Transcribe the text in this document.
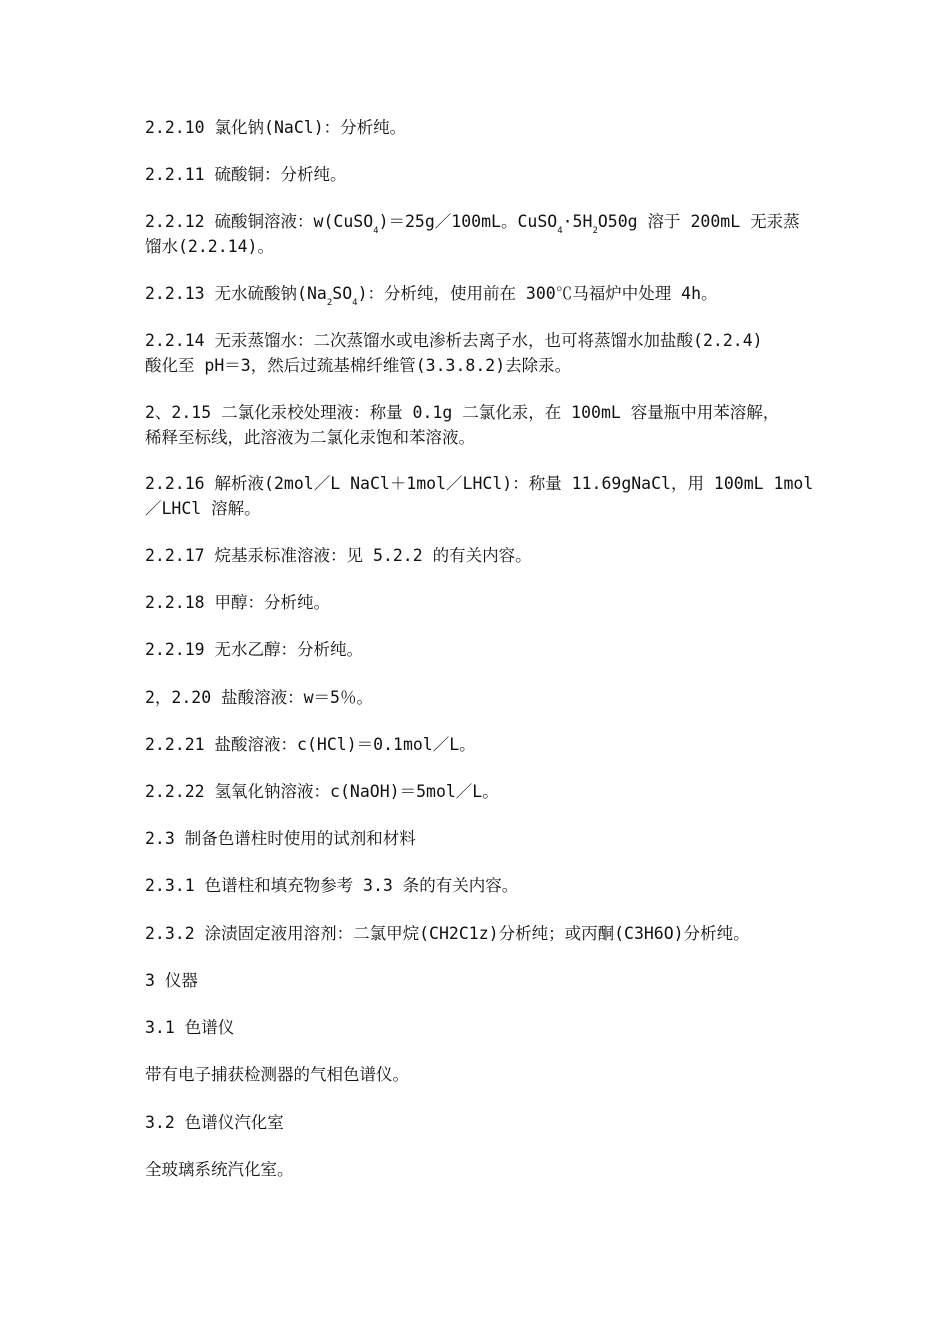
2.2.10 氯化钠(NaCl)：分析纯。
2.2.11 硫酸铜：分析纯。
2.2.12 硫酸铜溶液：w(CuSO$_4$)＝25g／100mL。$CuSO_4\cdot 5H_2O50g$ 溶于 200mL 无汞蒸
馏水(2.2.14)。
2.2.13 无水硫酸钠$(Na_2SO_4)$：分析纯，使用前在 300℃马福炉中处理 4h。
2.2.14 无汞蒸馏水：二次蒸馏水或电渗析去离子水，也可将蒸馏水加盐酸(2.2.4)
酸化至 pH＝3，然后过巯基棉纤维管(3.3.8.2)去除汞。
2、2.15 二氯化汞校处理液：称量 0.1g 二氯化汞，在 100mL 容量瓶中用苯溶解，
稀释至标线，此溶液为二氯化汞饱和苯溶液。
2.2.16 解析液(2mol／L NaCl＋1mol／LHCl)：称量 11.69gNaCl，用 100mL 1mol
／LHCl 溶解。
2.2.17 烷基汞标准溶液：见 5.2.2 的有关内容。
2.2.18 甲醇：分析纯。
2.2.19 无水乙醇：分析纯。
2，2.20 盐酸溶液：w＝5％。
2.2.21 盐酸溶液：c(HCl)＝0.1mol／L。
2.2.22 氢氧化钠溶液：c(NaOH)＝5mol／L。
2.3 制备色谱柱时使用的试剂和材料
2.3.1 色谱柱和填充物参考 3.3 条的有关内容。
2.3.2 涂渍固定液用溶剂：二氯甲烷(CH2C1z)分析纯；或丙酮(C3H6O)分析纯。
3 仪器
3.1 色谱仪
带有电子捕获检测器的气相色谱仪。
3.2 色谱仪汽化室
全玻璃系统汽化室。
